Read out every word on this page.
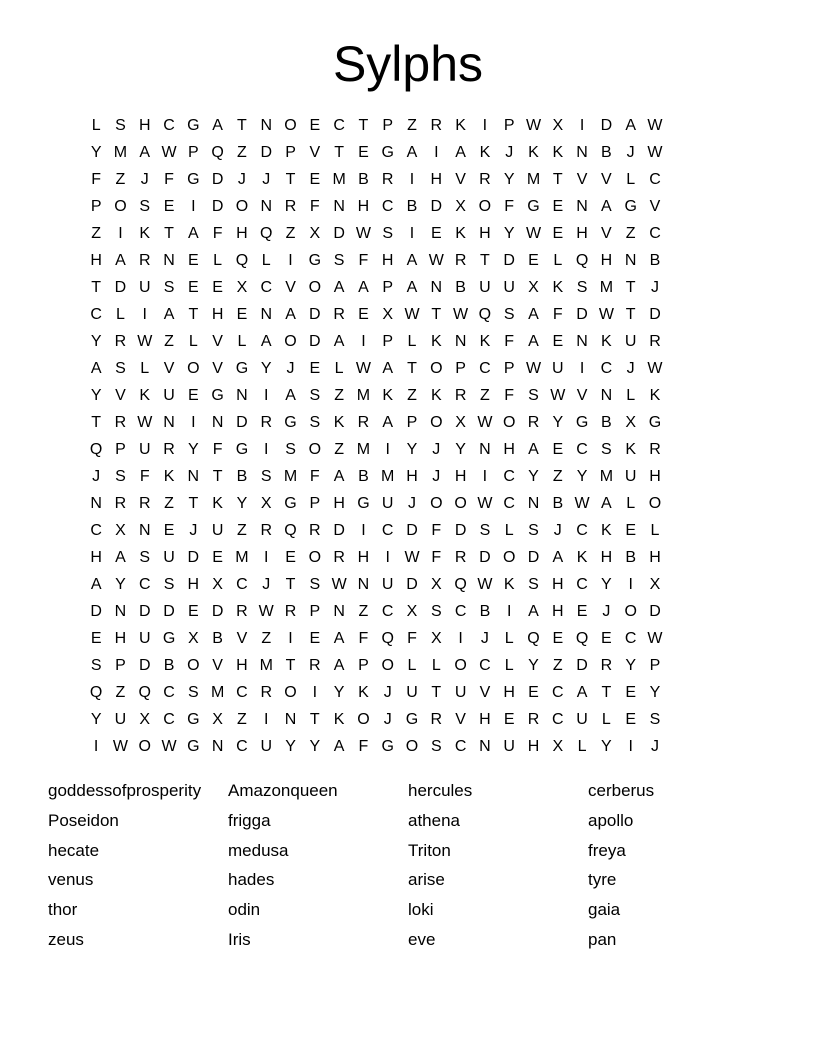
Sylphs
L S H C G A T N O E C T P Z R K	I	P W X	I	D A W
Y M A W P Q Z D P V T E G A	I	A K J K K N B J W
F Z J F G D J	J T E M B R	I	H V R Y M T V V L C
P O S E	I	D O N R F N H C B D X O F G E N A G V
Z	I	K T A F H Q Z X D W S	I	E K H Y W E H V Z C
H A R N E L Q L	I G S F H A W R T D E L Q H N B
T D U S E E X C V O A A P A N B U U X K S M T J
C L	I	A T H E N A D R E X W T W Q S A F D W T D
Y R W Z L V L A O D A	I	P L K N K F A E N K U R
A S L V O V G Y J E L W A T O P C P W U	I	C J W
Y V K U E G N	I	A S Z M K Z K R Z F S W V N L K
T R W N	I	N D R G S K R A P O X W O R Y G B X G
Q P U R Y F G I	S O Z M I	Y J Y N H A E C S K R
J S F K N T B S M F A B M H J H	I	C Y Z Y M U H
N R R Z T K Y X G P H G U J O O W C N B W A L O
C X N E J U Z R Q R D	I	C D F D S L S J C K E L
H A S U D E M I	E O R H	I W F R D O D A K H B H
A Y C S H X C J T S W N U D X Q W K S H C Y	I	X
D N D D E D R W R P N Z C X S C B	I	A H E J O D
E H U G X B V Z	I	E A F Q F X	I	J L Q E Q E C W
S P D B O V H M T R A P O L L O C L Y Z D R Y P
Q Z Q C S M C R O I	Y K J U T U V H E C A T E Y
Y U X C G X Z	I	N T K O J G R V H E R C U L E S
I W O W G N C U Y Y A F G O S C N U H X L Y	I	J
goddessofprosperity	Amazonqueen	hercules	cerberus
Poseidon	frigga	athena	apollo
hecate	medusa	Triton	freya
venus	hades	arise	tyre
thor	odin	loki	gaia
zeus	Iris	eve	pan
